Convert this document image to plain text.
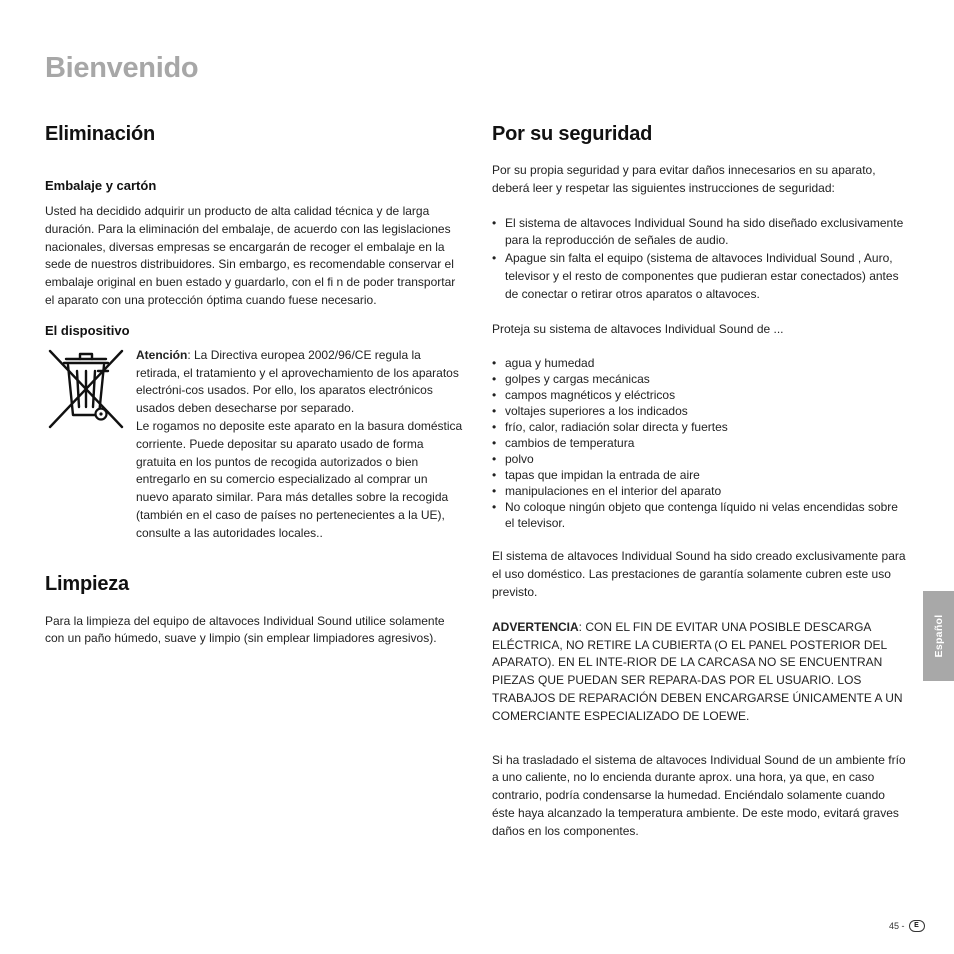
Bienvenido
Eliminación
Embalaje y cartón

Usted ha decidido adquirir un producto de alta calidad técnica y de larga duración. Para la eliminación del embalaje, de acuerdo con las legislaciones nacionales, diversas empresas se encargarán de recoger el embalaje en la sede de nuestros distribuidores. Sin embargo, es recomendable conservar el embalaje original en buen estado y guardarlo, con el fi n de poder transportar el aparato con una protección óptima cuando fuese necesario.

El dispositivo

Atención: La Directiva europea 2002/96/CE regula la retirada, el tratamiento y el aprovechamiento de los aparatos electróni-cos usados. Por ello, los aparatos electrónicos usados deben desecharse por separado.

Le rogamos no deposite este aparato en la basura doméstica corriente. Puede depositar su aparato usado de forma gratuita en los puntos de recogida autorizados o bien entregarlo en su comercio especializado al comprar un nuevo aparato similar. Para más detalles sobre la recogida (también en el caso de países no pertenecientes a la UE), consulte a las autoridades locales..

Limpieza

Para la limpieza del equipo de altavoces Individual Sound utilice solamente con un paño húmedo, suave y limpio (sin emplear limpiadores agresivos).

Por su seguridad

Por su propia seguridad y para evitar daños innecesarios en su aparato, deberá leer y respetar las siguientes instrucciones de seguridad:

• El sistema de altavoces Individual Sound ha sido diseñado exclusivamente para la reproducción de señales de audio.
• Apague sin falta el equipo (sistema de altavoces Individual Sound , Auro, televisor y el resto de componentes que pudieran estar conectados) antes de conectar o retirar otros aparatos o altavoces.

Proteja su sistema de altavoces Individual Sound de ...

• agua y humedad
• golpes y cargas mecánicas
• campos magnéticos y eléctricos
• voltajes superiores a los indicados
• frío, calor, radiación solar directa y fuertes
• cambios de temperatura
• polvo
• tapas que impidan la entrada de aire
• manipulaciones en el interior del aparato
• No coloque ningún objeto que contenga líquido ni velas encendidas sobre el televisor.

El sistema de altavoces Individual Sound ha sido creado exclusivamente para el uso doméstico. Las prestaciones de garantía solamente cubren este uso previsto.

ADVERTENCIA: CON EL FIN DE EVITAR UNA POSIBLE DESCARGA ELÉCTRICA, NO RETIRE LA CUBIERTA (O EL PANEL POSTERIOR DEL APARATO). EN EL INTE-RIOR DE LA CARCASA NO SE ENCUENTRAN PIEZAS QUE PUEDAN SER REPARA-DAS POR EL USUARIO. LOS TRABAJOS DE REPARACIÓN DEBEN ENCARGARSE ÚNICAMENTE A UN COMERCIANTE ESPECIALIZADO DE LOEWE.

Si ha trasladado el sistema de altavoces Individual Sound de un ambiente frío a uno caliente, no lo encienda durante aprox. una hora, ya que, en caso contrario, podría condensarse la humedad. Enciéndalo solamente cuando éste haya alcanzado la temperatura ambiente. De este modo, evitará graves daños en los componentes.

Español
45 -	E
